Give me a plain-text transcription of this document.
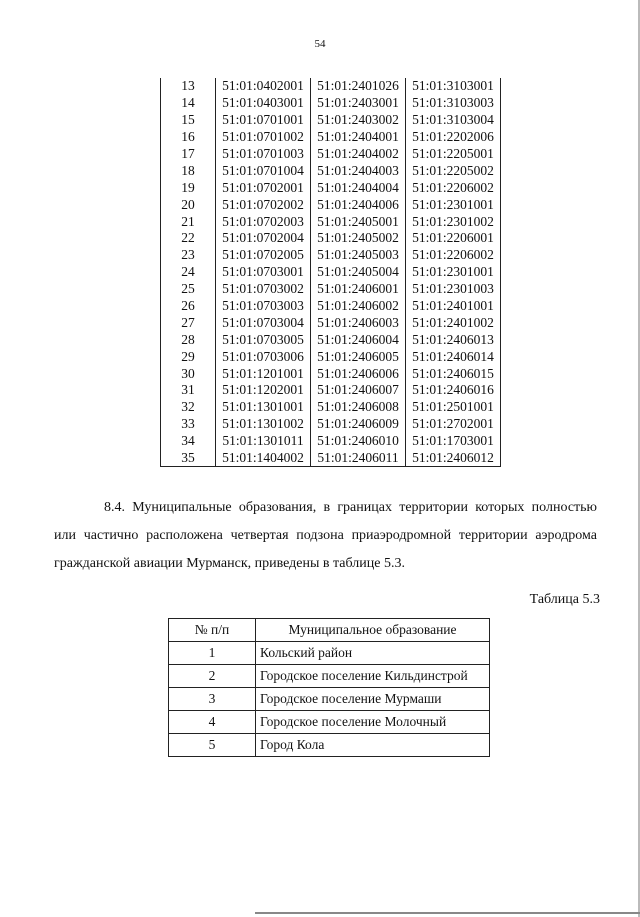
54
13	51:01:0402001	51:01:2401026	51:01:3103001
14	51:01:0403001	51:01:2403001	51:01:3103003
15	51:01:0701001	51:01:2403002	51:01:3103004
16	51:01:0701002	51:01:2404001	51:01:2202006
17	51:01:0701003	51:01:2404002	51:01:2205001
18	51:01:0701004	51:01:2404003	51:01:2205002
19	51:01:0702001	51:01:2404004	51:01:2206002
20	51:01:0702002	51:01:2404006	51:01:2301001
21	51:01:0702003	51:01:2405001	51:01:2301002
22	51:01:0702004	51:01:2405002	51:01:2206001
23	51:01:0702005	51:01:2405003	51:01:2206002
24	51:01:0703001	51:01:2405004	51:01:2301001
25	51:01:0703002	51:01:2406001	51:01:2301003
26	51:01:0703003	51:01:2406002	51:01:2401001
27	51:01:0703004	51:01:2406003	51:01:2401002
28	51:01:0703005	51:01:2406004	51:01:2406013
29	51:01:0703006	51:01:2406005	51:01:2406014
30	51:01:1201001	51:01:2406006	51:01:2406015
31	51:01:1202001	51:01:2406007	51:01:2406016
32	51:01:1301001	51:01:2406008	51:01:2501001
33	51:01:1301002	51:01:2406009	51:01:2702001
34	51:01:1301011	51:01:2406010	51:01:1703001
35	51:01:1404002	51:01:2406011	51:01:2406012
8.4. Муниципальные образования, в границах территории которых полностью
или частично расположена четвертая подзона приаэродромной территории аэродрома
гражданской авиации Мурманск, приведены в таблице 5.3.
Таблица 5.3
№ п/п	Муниципальное образование
1	Кольский район
2	Городское поселение Кильдинстрой
3	Городское поселение Мурмаши
4	Городское поселение Молочный
5	Город Кола
